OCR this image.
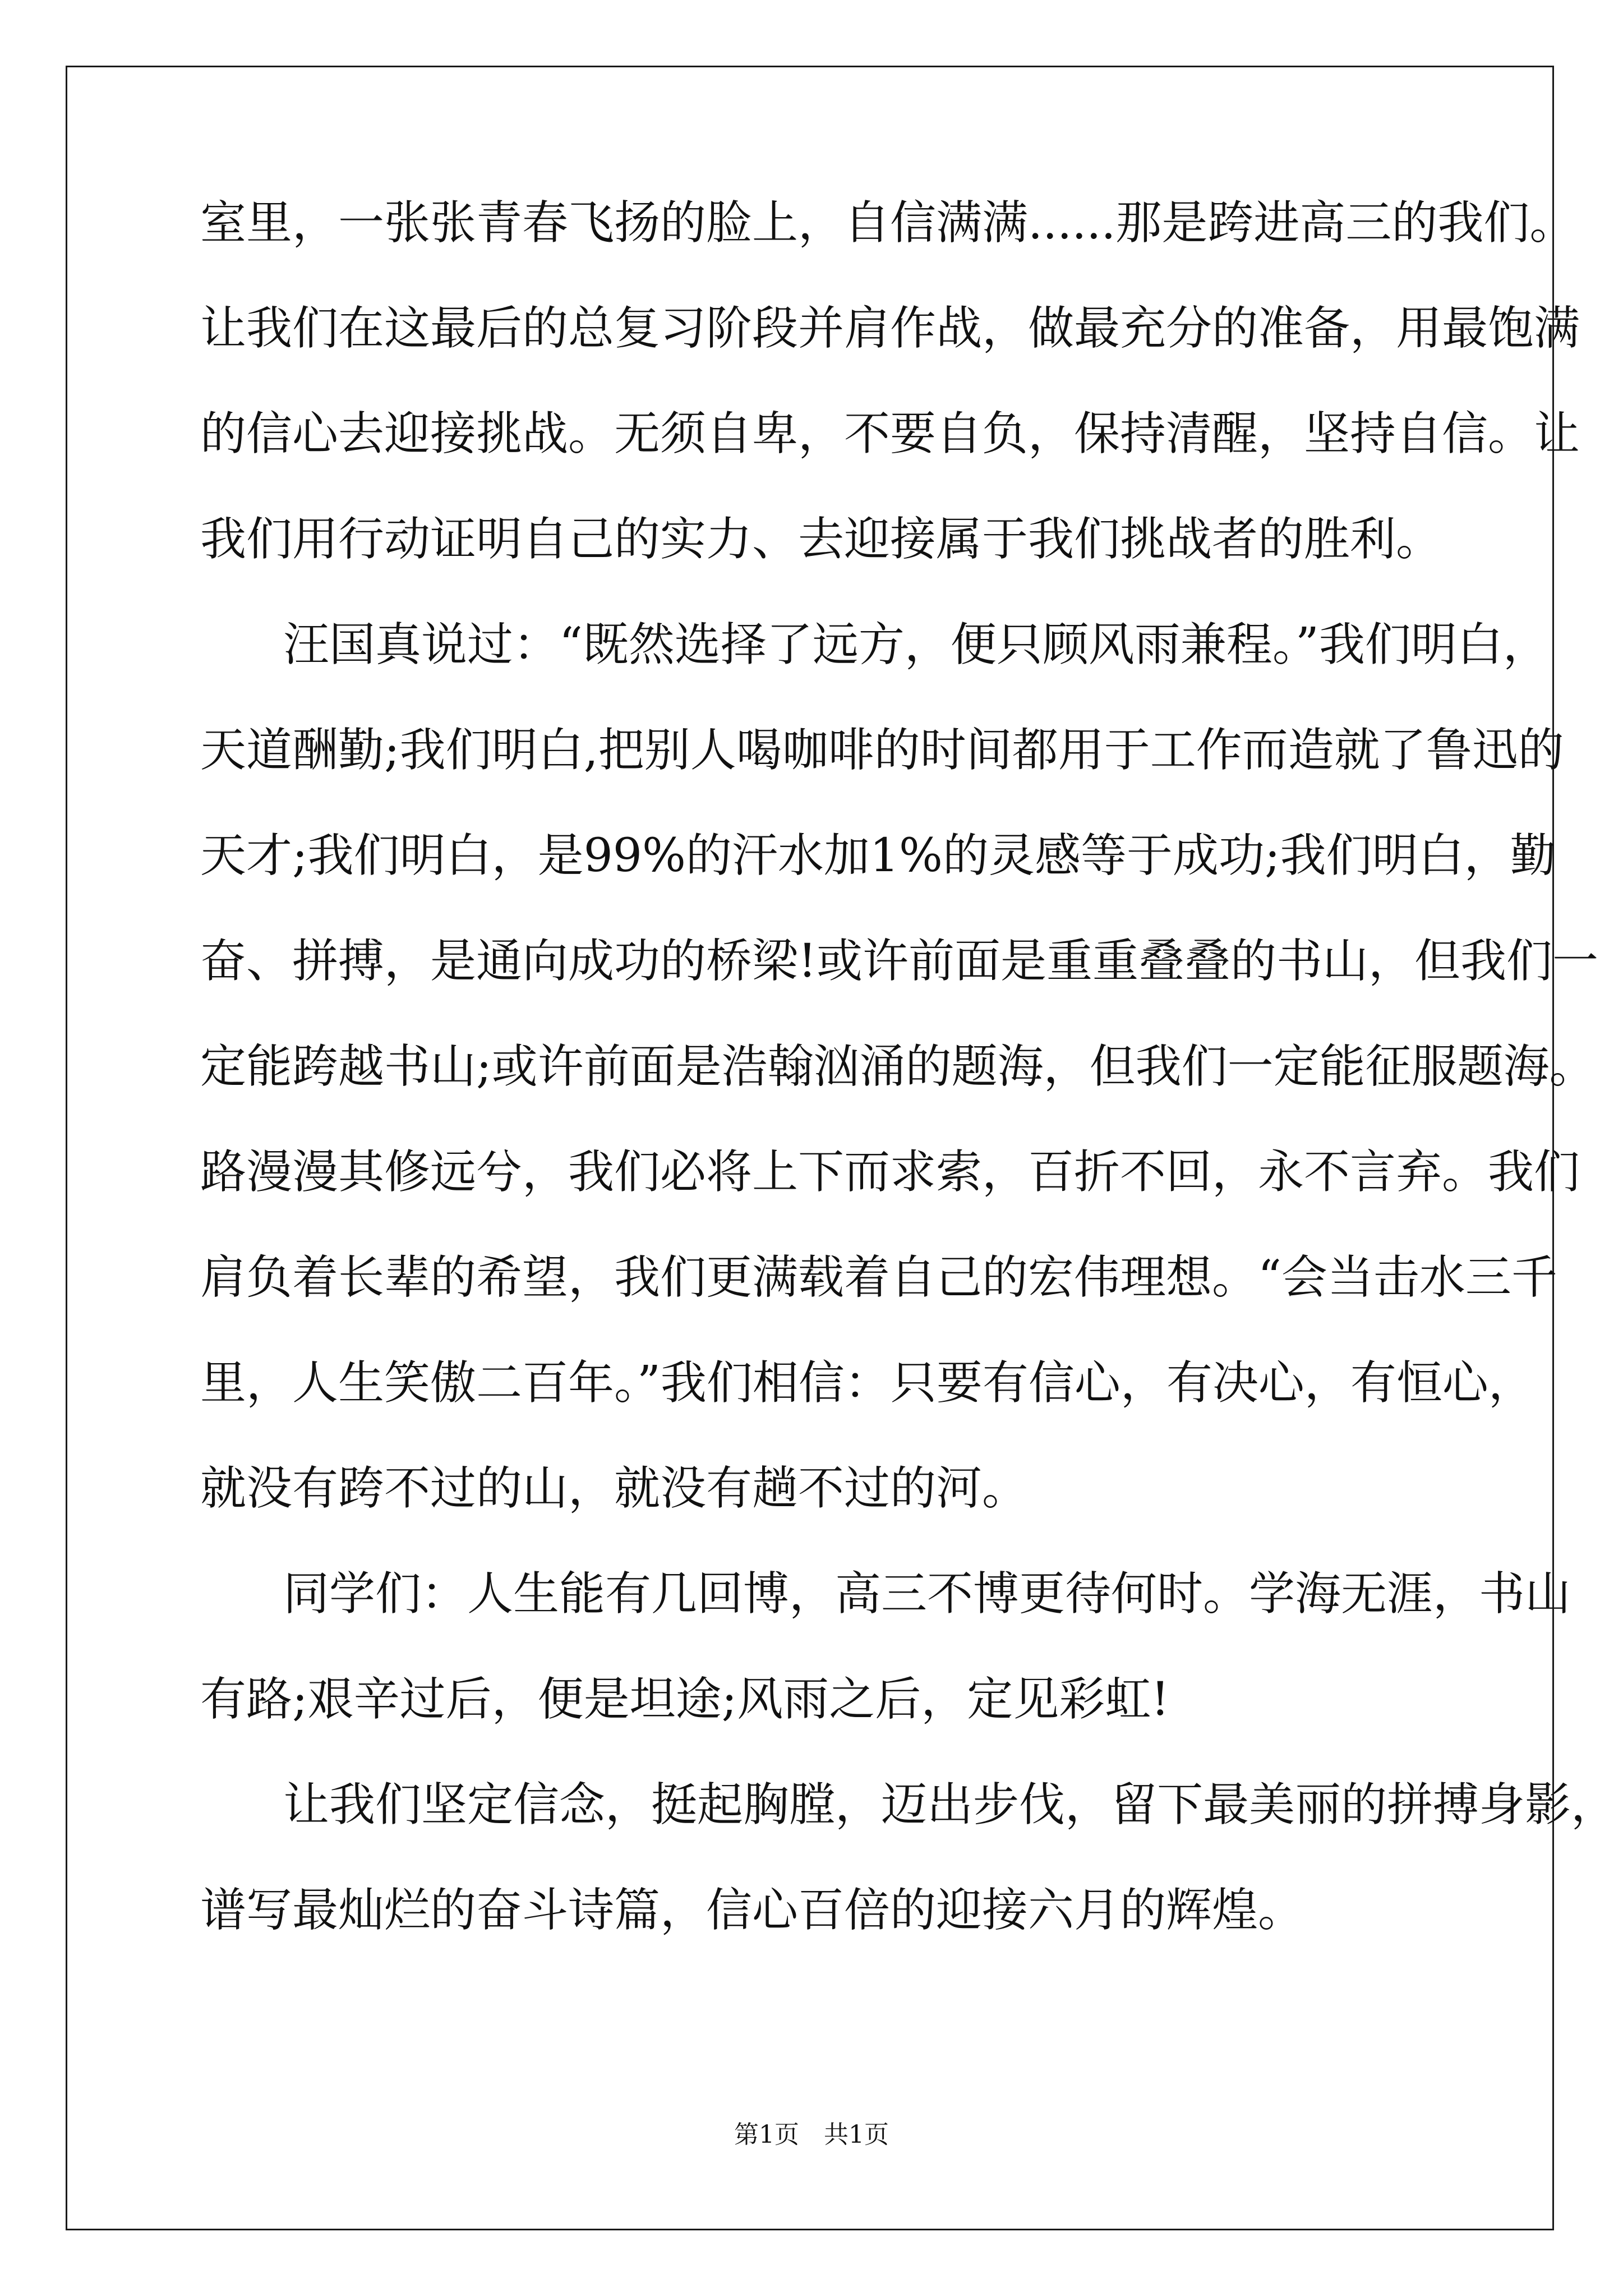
室里，一张张青春飞扬的脸上，自信满满......那是跨进高三的我们。
让我们在这最后的总复习阶段并肩作战，做最充分的准备，用最饱满
的信心去迎接挑战。无须自卑，不要自负，保持清醒，坚持自信。让
我们用行动证明自己的实力、去迎接属于我们挑战者的胜利。
汪国真说过：“既然选择了远方，便只顾风雨兼程。”我们明白，
天道酬勤;我们明白,把别人喝咖啡的时间都用于工作而造就了鲁迅的
天才;我们明白，是99%的汗水加1%的灵感等于成功;我们明白，勤
奋、拼搏，是通向成功的桥梁!或许前面是重重叠叠的书山，但我们一
定能跨越书山;或许前面是浩翰汹涌的题海，但我们一定能征服题海。
路漫漫其修远兮，我们必将上下而求索，百折不回，永不言弃。我们
肩负着长辈的希望，我们更满载着自己的宏伟理想。“会当击水三千
里，人生笑傲二百年。”我们相信：只要有信心，有决心，有恒心，
就没有跨不过的山，就没有趟不过的河。
同学们：人生能有几回博，高三不博更待何时。学海无涯，书山
有路;艰辛过后，便是坦途;风雨之后，定见彩虹!
让我们坚定信念，挺起胸膛，迈出步伐，留下最美丽的拼搏身影，
谱写最灿烂的奋斗诗篇，信心百倍的迎接六月的辉煌。
第1页　共1页
